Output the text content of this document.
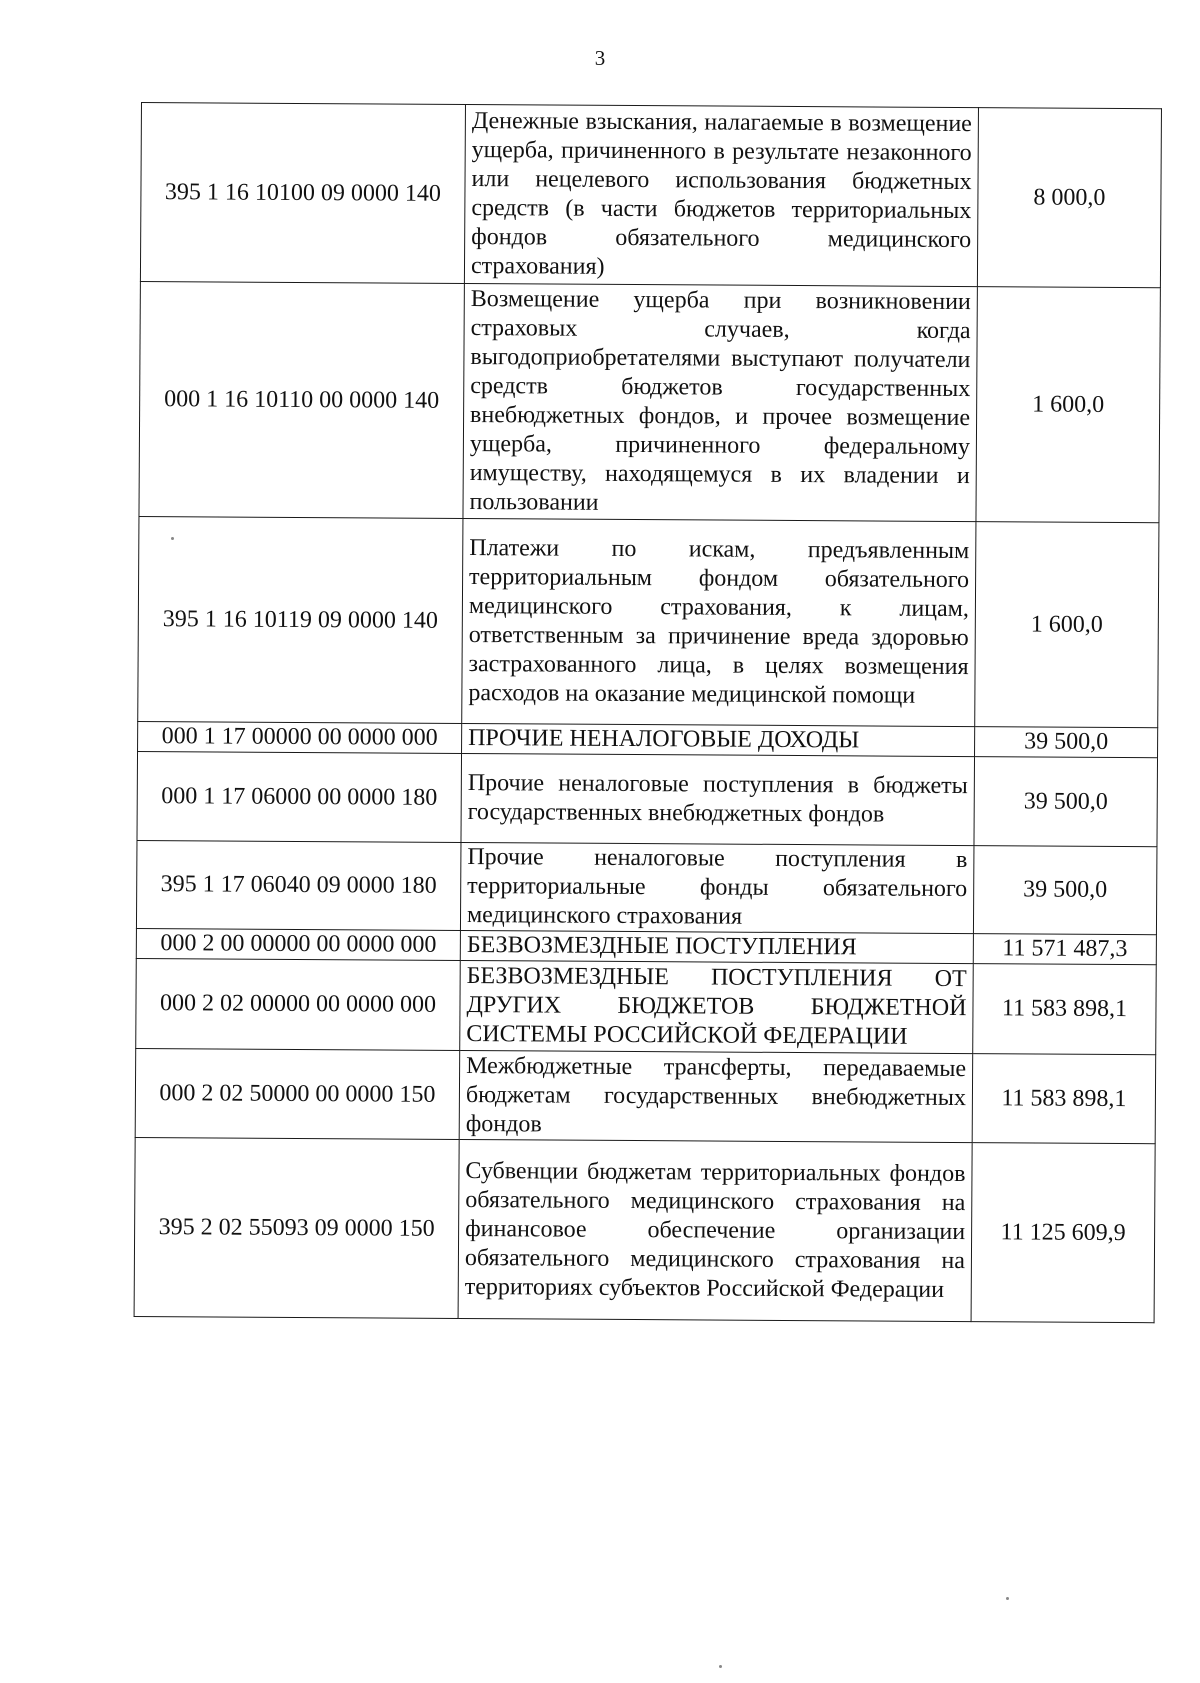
3
395 1 16 10100 09 0000 140	Денежные взыскания, налагаемые в возмещение ущерба, причиненного в результате незаконного или нецелевого использования бюджетных средств (в части бюджетов территориальных фондов обязательного медицинского страхования)	8 000,0
000 1 16 10110 00 0000 140	Возмещение ущерба при возникновении страховых случаев, когда выгодоприобретателями выступают получатели средств бюджетов государственных внебюджетных фондов, и прочее возмещение ущерба, причиненного федеральному имуществу, находящемуся в их владении и пользовании	1 600,0
395 1 16 10119 09 0000 140	Платежи по искам, предъявленным территориальным фондом обязательного медицинского страхования, к лицам, ответственным за причинение вреда здоровью застрахованного лица, в целях возмещения расходов на оказание медицинской помощи	1 600,0
000 1 17 00000 00 0000 000	ПРОЧИЕ НЕНАЛОГОВЫЕ ДОХОДЫ	39 500,0
000 1 17 06000 00 0000 180	Прочие неналоговые поступления в бюджеты государственных внебюджетных фондов	39 500,0
395 1 17 06040 09 0000 180	Прочие неналоговые поступления в территориальные фонды обязательного медицинского страхования	39 500,0
000 2 00 00000 00 0000 000	БЕЗВОЗМЕЗДНЫЕ ПОСТУПЛЕНИЯ	11 571 487,3
000 2 02 00000 00 0000 000	БЕЗВОЗМЕЗДНЫЕ ПОСТУПЛЕНИЯ ОТ ДРУГИХ БЮДЖЕТОВ БЮДЖЕТНОЙ СИСТЕМЫ РОССИЙСКОЙ ФЕДЕРАЦИИ	11 583 898,1
000 2 02 50000 00 0000 150	Межбюджетные трансферты, передаваемые бюджетам государственных внебюджетных фондов	11 583 898,1
395 2 02 55093 09 0000 150	Субвенции бюджетам территориальных фондов обязательного медицинского страхования на финансовое обеспечение организации обязательного медицинского страхования на территориях субъектов Российской Федерации	11 125 609,9
